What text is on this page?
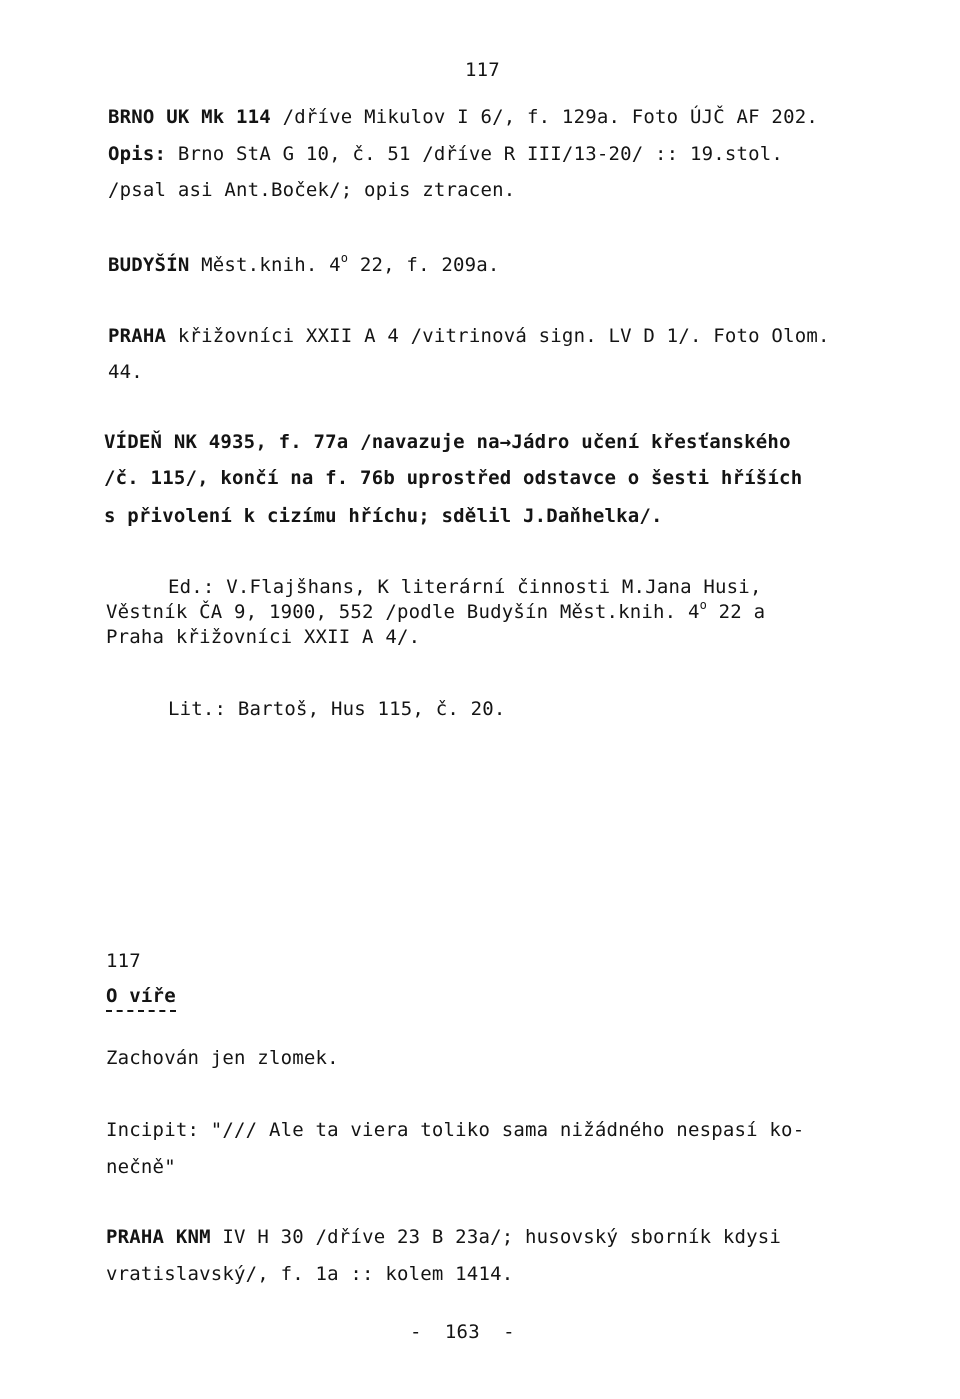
117
BRNO UK Mk 114 /dříve Mikulov I 6/, f. 129a. Foto ÚJČ AF 202.
Opis: Brno StA G 10, č. 51 /dříve R III/13-20/ :: 19.stol.
/psal asi Ant.Boček/; opis ztracen.
BUDYŠÍN Měst.knih. 4$^o$ 22, f. 209a.
PRAHA křižovníci XXII A 4 /vitrinová sign. LV D 1/. Foto Olom.
44.
VÍDEŇ NK 4935, f. 77a /navazuje na→Jádro učení křesťanského
/č. 115/, končí na f. 76b uprostřed odstavce o šesti hříších
s přivolení k cizímu hříchu; sdělil J.Daňhelka/.
Ed.: V.Flajšhans, K literární činnosti M.Jana Husi,
Věstník ČA 9, 1900, 552 /podle Budyšín Měst.knih. 4$^o$ 22 a
Praha křižovníci XXII A 4/.
Lit.: Bartoš, Hus 115, č. 20.
117
O víře
Zachován jen zlomek.
Incipit: "/// Ale ta viera toliko sama nižádného nespasí ko-
nečně"
PRAHA KNM IV H 30 /dříve 23 B 23a/; husovský sborník kdysi
vratislavský/, f. 1a :: kolem 1414.
-  163  -
